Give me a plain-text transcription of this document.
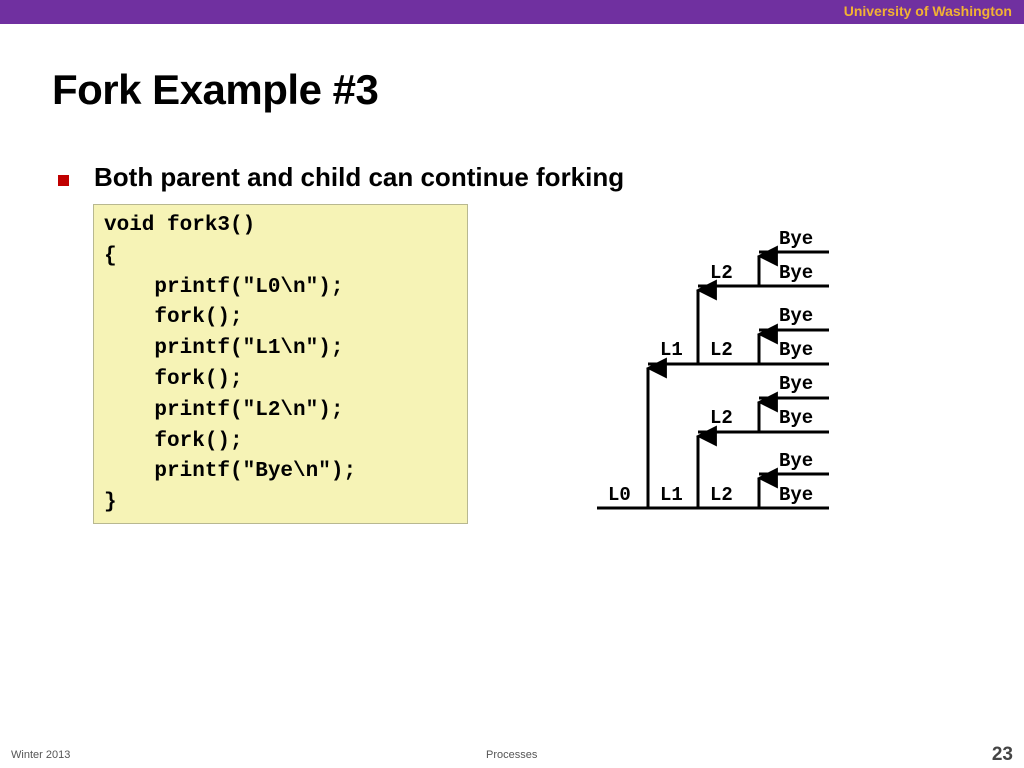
University of Washington
Fork Example #3
Both parent and child can continue forking
void fork3()
{
printf("L0\n");
fork();
printf("L1\n");
fork();
printf("L2\n");
fork();
printf("Bye\n");
}	L0 L1 L2 Bye
Bye
L2 Bye
Bye
L1 L2 Bye
Bye
L2 Bye
Bye
Winter 2013	Processes	23
